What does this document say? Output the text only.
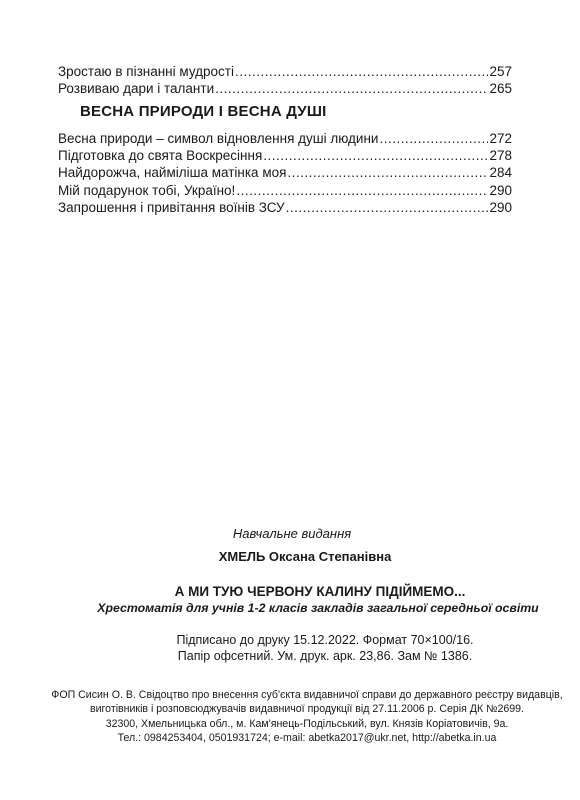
Зростаю в пізнанні мудрості .....	257
Розвиваю дари і таланти .....	265
ВЕСНА ПРИРОДИ І ВЕСНА ДУШІ
Весна природи – символ відновлення душі людини .....	272
Підготовка до свята Воскресіння .....	278
Найдорожча, найміліша матінка моя .....	284
Мій подарунок тобі, Україно! .....	290
Запрошення і привітання воїнів ЗСУ .....	290
Навчальне видання
ХМЕЛЬ Оксана Степанівна
А МИ ТУЮ ЧЕРВОНУ КАЛИНУ ПІДІЙМЕМО...
Хрестоматія для учнів 1-2 класів закладів загальної середньої освіти
Підписано до друку 15.12.2022. Формат 70×100/16.
Папір офсетний. Ум. друк. арк. 23,86. Зам № 1386.
ФОП Сисин О. В. Свідоцтво про внесення суб'єкта видавничої справи до державного реєстру видавців,
виготівників і розповсюджувачів видавничої продукції від 27.11.2006 р. Серія ДК №2699.
32300, Хмельницька обл., м. Кам'янець-Подільський, вул. Князів Коріатовичів, 9а.
Тел.: 0984253404, 0501931724; e-mail: abetka2017@ukr.net, http://abetka.in.ua
